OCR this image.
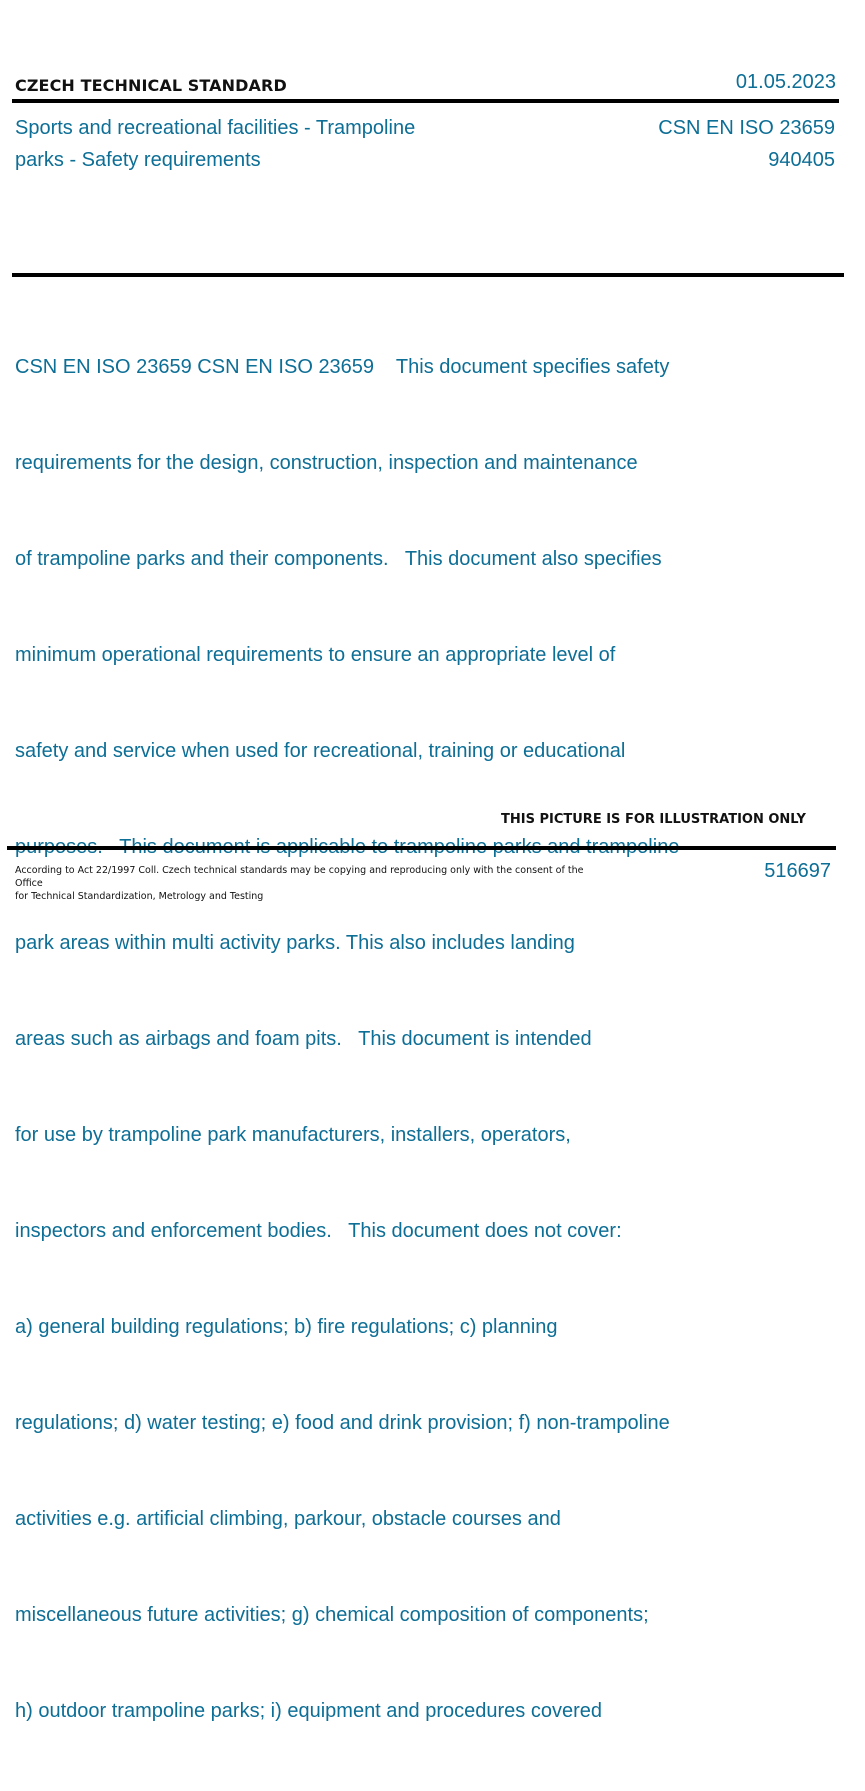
CZECH TECHNICAL STANDARD	01.05.2023
Sports and recreational facilities - Trampoline
parks - Safety requirements
CSN EN ISO 23659
940405

CSN EN ISO 23659 CSN EN ISO 23659    This document specifies safety

requirements for the design, construction, inspection and maintenance

of trampoline parks and their components.   This document also specifies

minimum operational requirements to ensure an appropriate level of

safety and service when used for recreational, training or educational

park areas within multi activity parks. This also includes landing

areas such as airbags and foam pits.   This document is intended

for use by trampoline park manufacturers, installers, operators,

inspectors and enforcement bodies.   This document does not cover:

a) general building regulations; b) fire regulations; c) planning

regulations; d) water testing; e) food and drink provision; f) non-trampoline

activities e.g. artificial climbing, parkour, obstacle courses and

miscellaneous future activities; g) chemical composition of components;

h) outdoor trampoline parks; i) equipment and procedures covered

THIS PICTURE IS FOR ILLUSTRATION ONLY
According to Act 22/1997 Coll. Czech technical standards may be copying and reproducing only with the consent of the Office
for Technical Standardization, Metrology and Testing
516697
